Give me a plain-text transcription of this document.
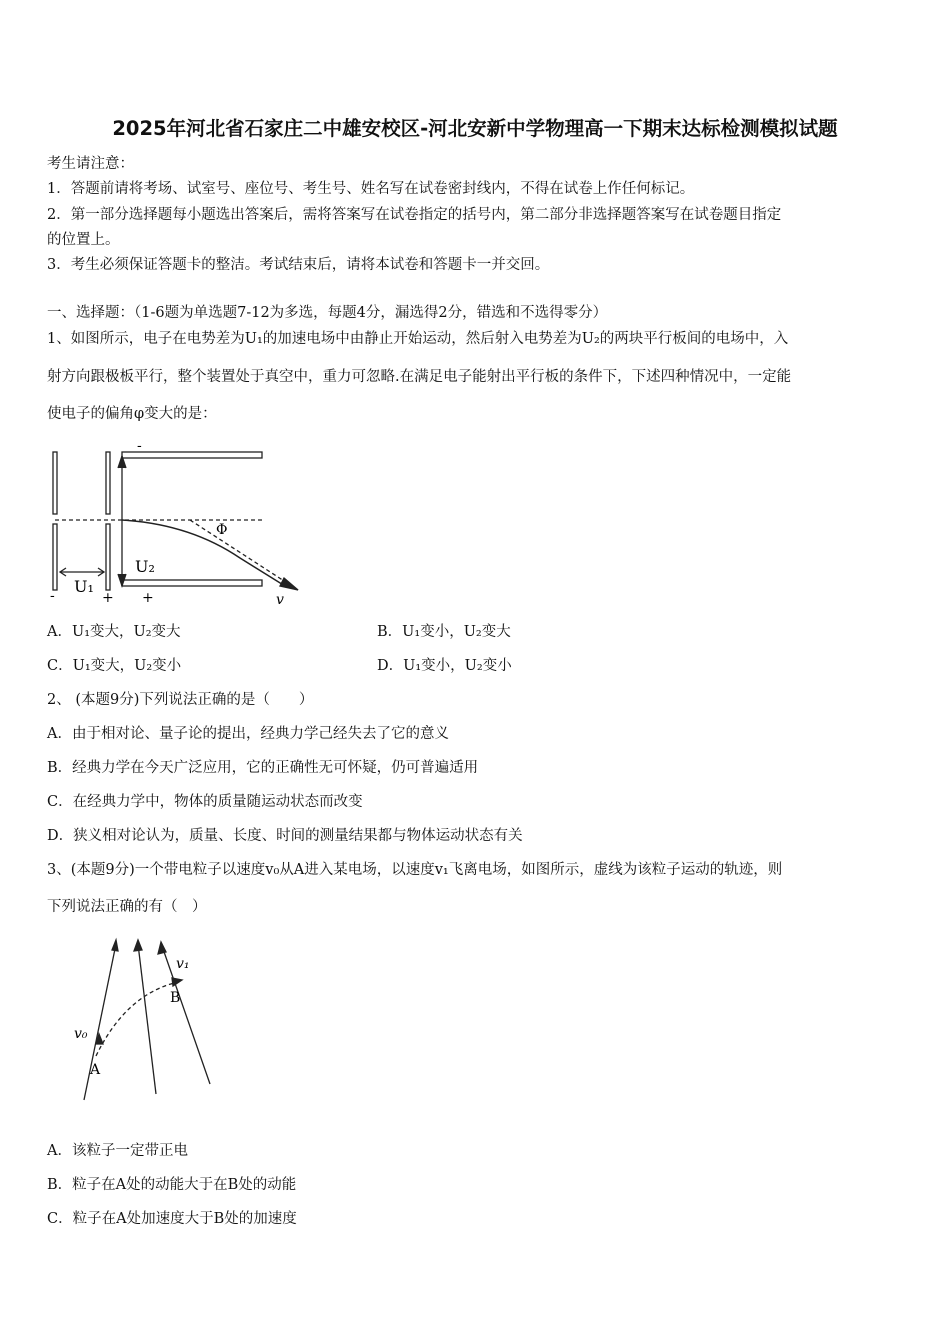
2025年河北省石家庄二中雄安校区-河北安新中学物理高一下期末达标检测模拟试题
考生请注意：
1．答题前请将考场、试室号、座位号、考生号、姓名写在试卷密封线内，不得在试卷上作任何标记。
2．第一部分选择题每小题选出答案后，需将答案写在试卷指定的括号内，第二部分非选择题答案写在试卷题目指定
的位置上。
3．考生必须保证答题卡的整洁。考试结束后，请将本试卷和答题卡一并交回。
一、选择题：（1-6题为单选题7-12为多选，每题4分，漏选得2分，错选和不选得零分）
1、如图所示，电子在电势差为U₁的加速电场中由静止开始运动，然后射入电势差为U₂的两块平行板间的电场中，入
射方向跟极板平行，整个装置处于真空中，重力可忽略.在满足电子能射出平行板的条件下，下述四种情况中，一定能
使电子的偏角φ变大的是：
-
Φ
U₂
- U₁
+ +	v
A．U₁变大，U₂变大	B．U₁变小，U₂变大
C．U₁变大，U₂变小	D．U₁变小，U₂变小
2、 (本题9分)下列说法正确的是（　　）
A．由于相对论、量子论的提出，经典力学己经失去了它的意义
B．经典力学在今天广泛应用，它的正确性无可怀疑，仍可普遍适用
C．在经典力学中，物体的质量随运动状态而改变
D．狭义相对论认为，质量、长度、时间的测量结果都与物体运动状态有关
3、(本题9分)一个带电粒子以速度v₀从A进入某电场，以速度v₁飞离电场，如图所示，虚线为该粒子运动的轨迹，则
下列说法正确的有（　）
v₀
v₁
A
B
A．该粒子一定带正电
B．粒子在A处的动能大于在B处的动能
C．粒子在A处加速度大于B处的加速度
